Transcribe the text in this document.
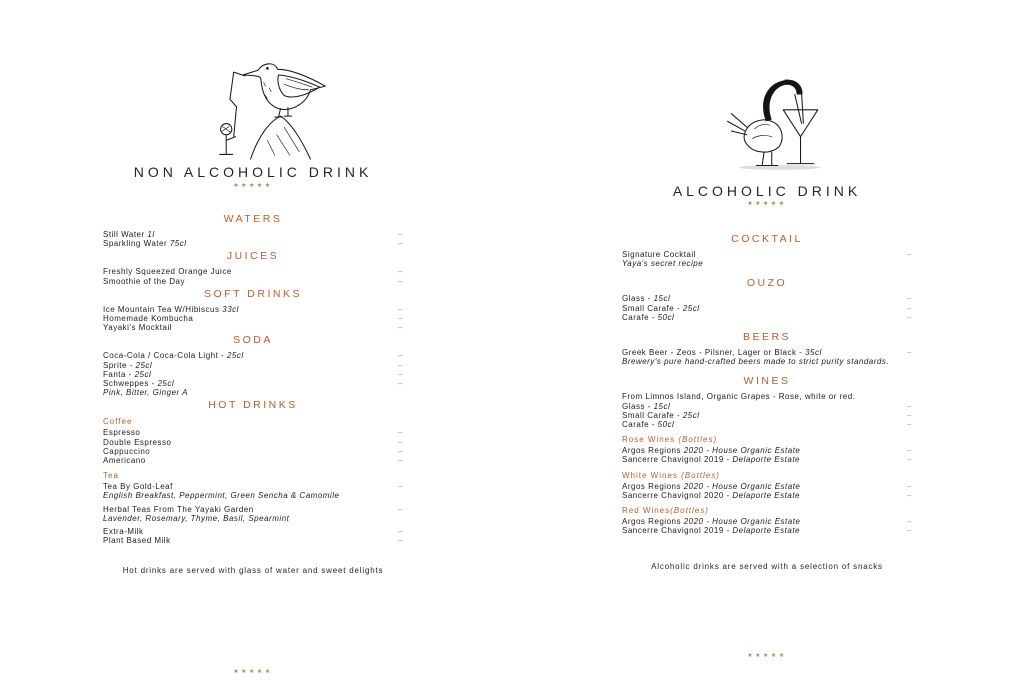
NON ALCOHOLIC DRINK
★★★★★
WATERS
Still Water 1l	–
Sparkling Water 75cl	–
JUICES
Freshly Squeezed Orange Juice	–
Smoothie of the Day	–
SOFT DRINKS
Ice Mountain Tea W/Hibiscus 33cl	–
Homemade Kombucha	–
Yayaki's Mocktail	–
SODA
Coca-Cola / Coca-Cola Light - 25cl	–
Sprite - 25cl	–
Fanta - 25cl	–
Schweppes - 25cl	–
Pink, Bitter, Ginger A
HOT DRINKS
Coffee
Espresso	–
Double Espresso	–
Cappuccino	–
Americano	–
Tea
Tea By Gold-Leaf	–
English Breakfast, Peppermint, Green Sencha & Camomile
Herbal Teas From The Yayaki Garden	–
Lavender, Rosemary, Thyme, Basil, Spearmint
Extra-Milk	–
Plant Based Milk	–
Hot drinks are served with glass of water and sweet delights
★★★★★
ALCOHOLIC DRINK
★★★★★
COCKTAIL
Signature Cocktail	–
Yaya's secret recipe
OUZO
Glass - 15cl	–
Small Carafe - 25cl	–
Carafe - 50cl	–
BEERS
Greek Beer - Zeos - Pilsner, Lager or Black - 35cl	–
Brewery's pure hand-crafted beers made to strict purity standards.
WINES
From Limnos Island, Organic Grapes - Rose, white or red.
Glass - 15cl	–
Small Carafe - 25cl	–
Carafe - 50cl	–
Rose Wines (Bottles)
Argos Regions 2020 - House Organic Estate	–
Sancerre Chavignol 2019 - Delaporte Estate	–
White Wines (Bottles)
Argos Regions 2020 - House Organic Estate	–
Sancerre Chavignol 2020 - Delaporte Estate	–
Red Wines(Bottles)
Argos Regions 2020 - House Organic Estate	–
Sancerre Chavignol 2019 - Delaporte Estate	–
Alcoholic drinks are served with a selection of snacks
★★★★★
